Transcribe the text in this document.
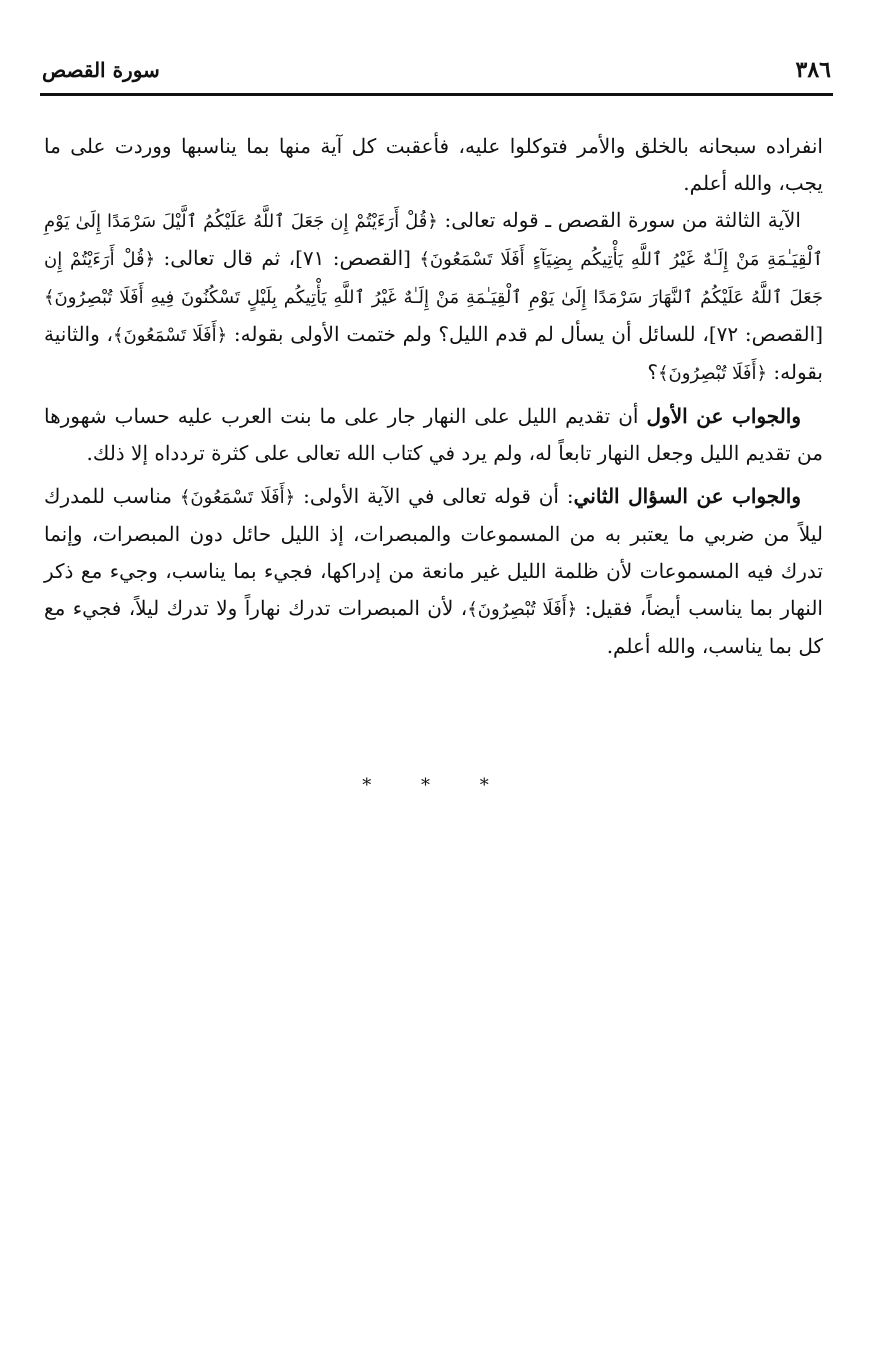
٣٨٦
سورة القصص

انفراده سبحانه بالخلق والأمر فتوكلوا عليه، فأعقبت كل آية منها بما يناسبها ووردت على ما يجب، والله أعلم.

الآية الثالثة من سورة القصص ـ قوله تعالى: ﴿قُلْ أَرَءَيْتُمْ إِن جَعَلَ ٱللَّهُ عَلَيْكُمُ ٱلَّيْلَ سَرْمَدًا إِلَىٰ يَوْمِ ٱلْقِيَـٰمَةِ مَنْ إِلَـٰهٌ غَيْرُ ٱللَّهِ يَأْتِيكُم بِضِيَآءٍ أَفَلَا تَسْمَعُونَ﴾ [القصص: ٧١]، ثم قال تعالى: ﴿قُلْ أَرَءَيْتُمْ إِن جَعَلَ ٱللَّهُ عَلَيْكُمُ ٱلنَّهَارَ سَرْمَدًا إِلَىٰ يَوْمِ ٱلْقِيَـٰمَةِ مَنْ إِلَـٰهٌ غَيْرُ ٱللَّهِ يَأْتِيكُم بِلَيْلٍ تَسْكُنُونَ فِيهِ أَفَلَا تُبْصِرُونَ﴾ [القصص: ٧٢]، للسائل أن يسأل لم قدم الليل؟ ولم ختمت الأولى بقوله: ﴿أَفَلَا تَسْمَعُونَ﴾، والثانية بقوله: ﴿أَفَلَا تُبْصِرُونَ﴾؟

والجواب عن الأول أن تقديم الليل على النهار جار على ما بنت العرب عليه حساب شهورها من تقديم الليل وجعل النهار تابعاً له، ولم يرد في كتاب الله تعالى على كثرة تردداه إلا ذلك.

والجواب عن السؤال الثاني: أن قوله تعالى في الآية الأولى: ﴿أَفَلَا تَسْمَعُونَ﴾ مناسب للمدرك ليلاً من ضربي ما يعتبر به من المسموعات والمبصرات، إذ الليل حائل دون المبصرات، وإنما تدرك فيه المسموعات لأن ظلمة الليل غير مانعة من إدراكها، فجيء بما يناسب، وجيء مع ذكر النهار بما يناسب أيضاً، فقيل: ﴿أَفَلَا تُبْصِرُونَ﴾، لأن المبصرات تدرك نهاراً ولا تدرك ليلاً، فجيء مع كل بما يناسب، والله أعلم.

* * *
